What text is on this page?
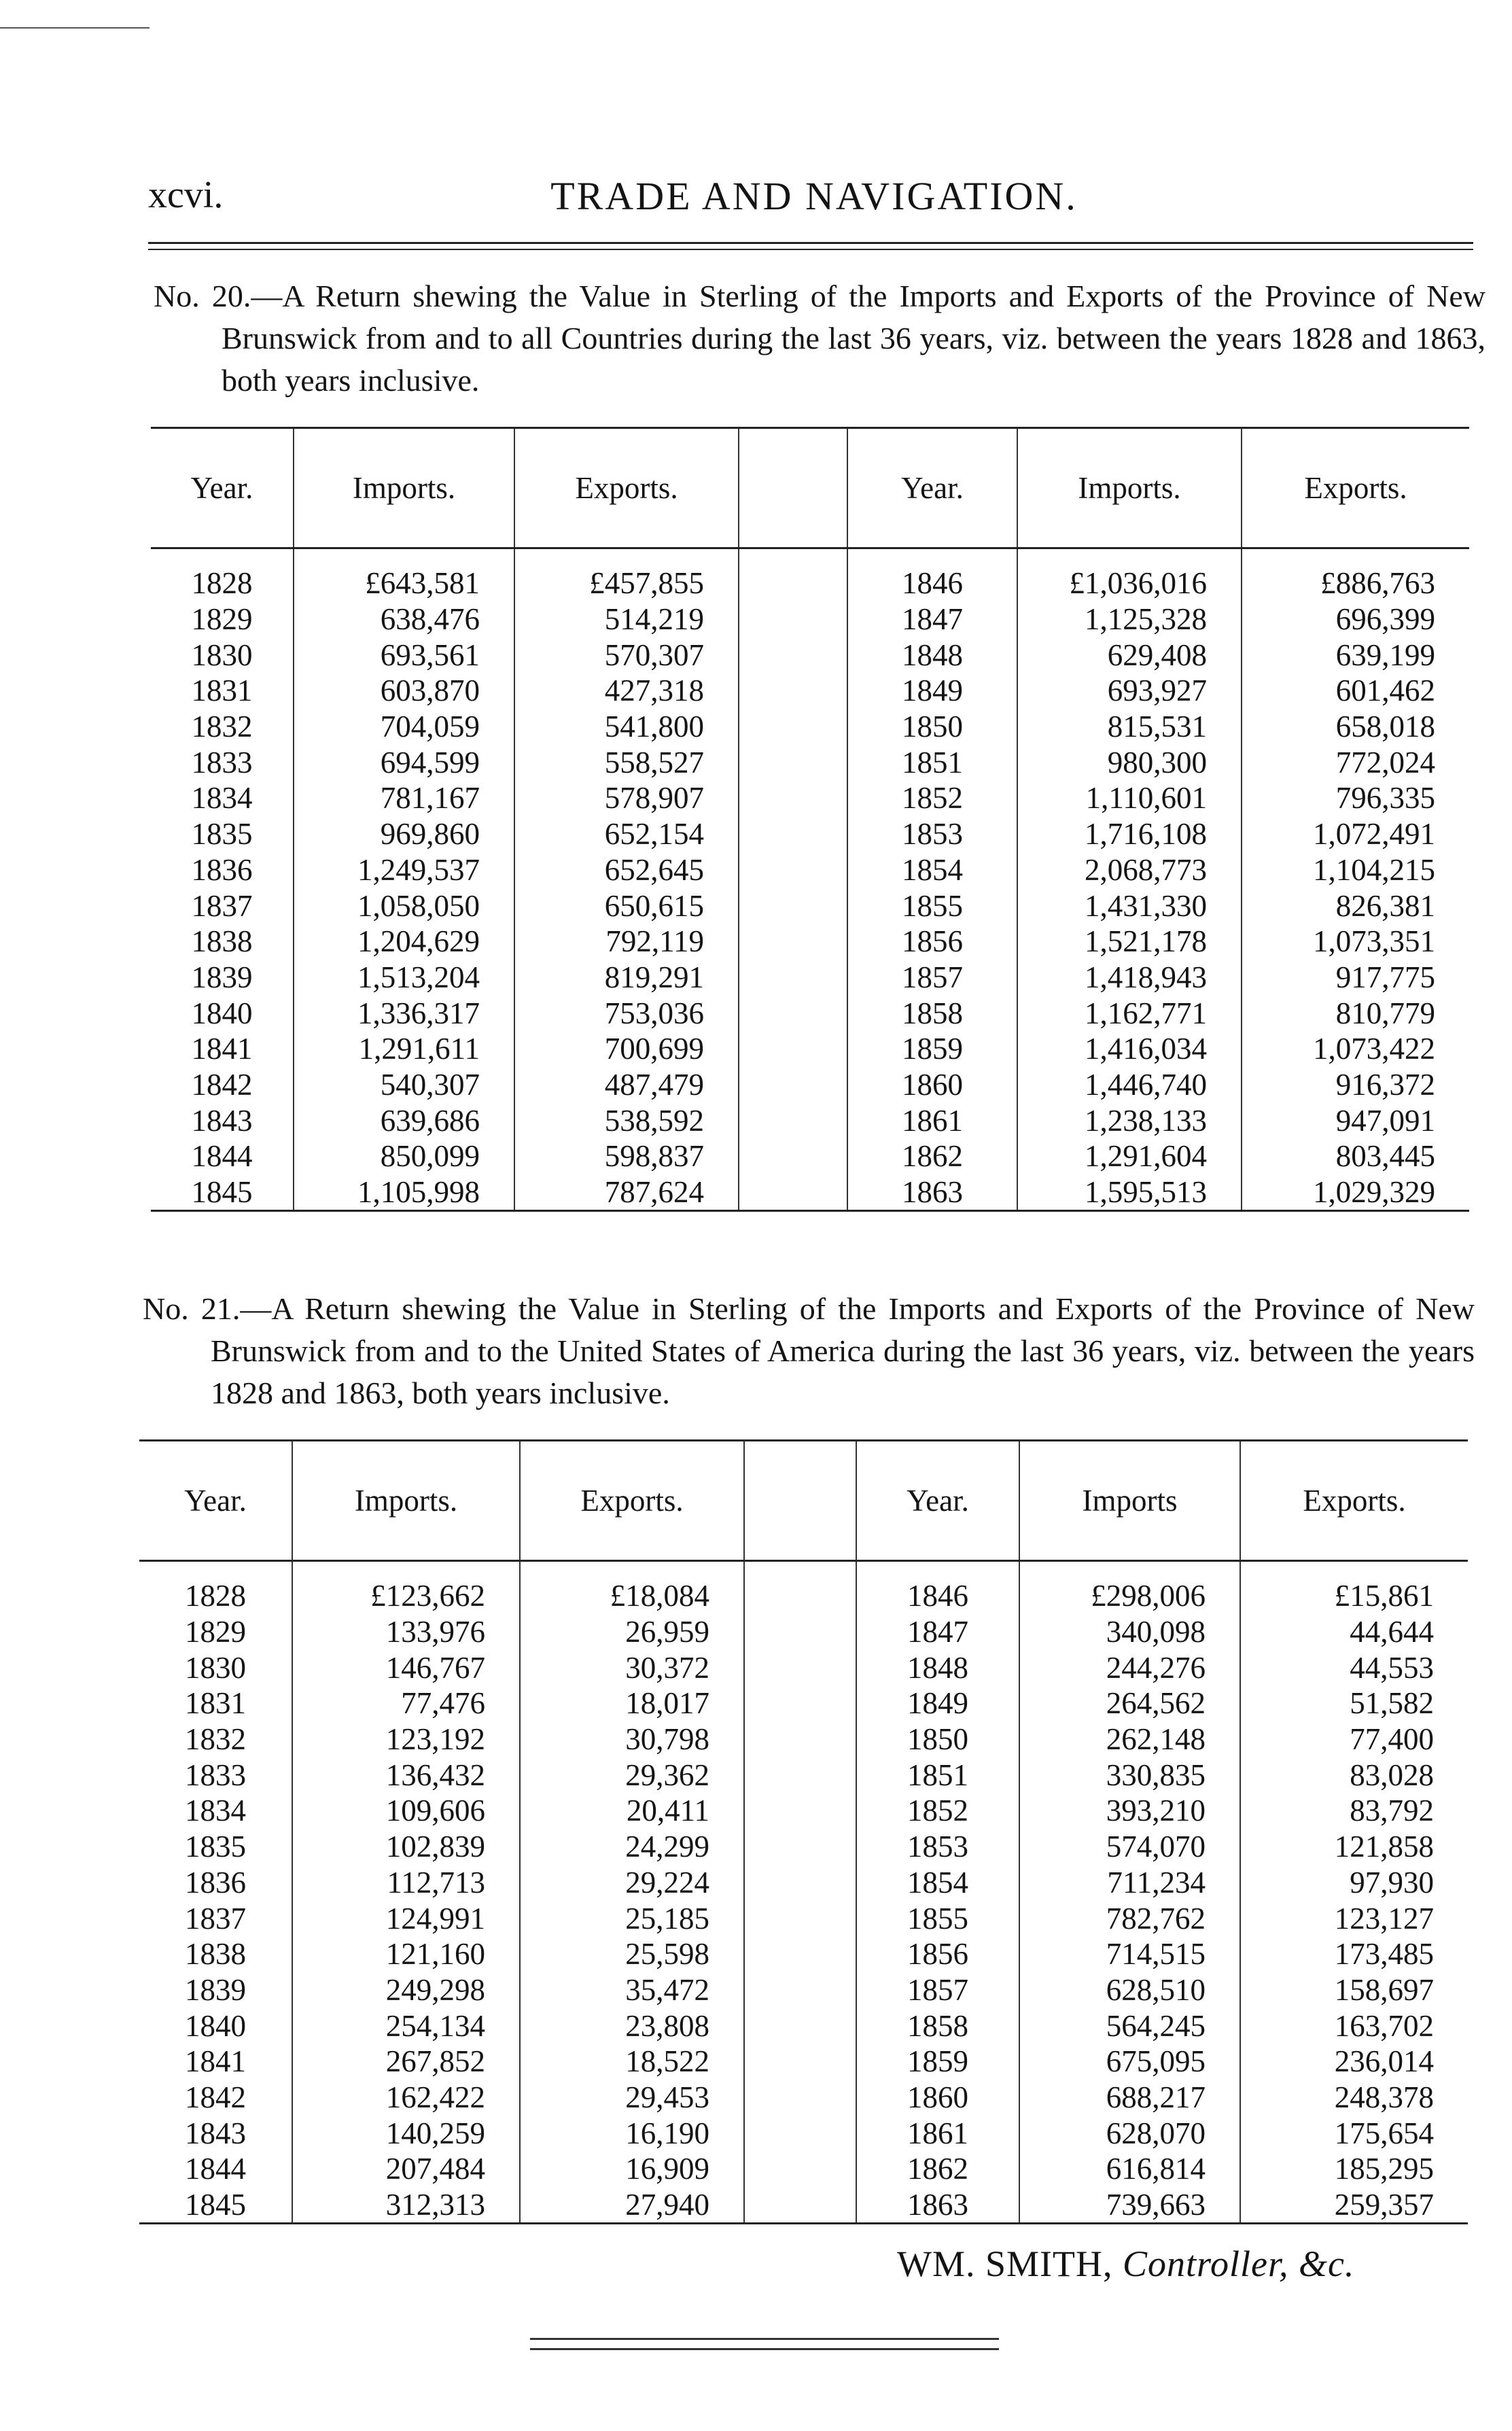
xcvi.	TRADE AND NAVIGATION.

No. 20.—A Return shewing the Value in Sterling of the Imports and Exports of the Province of New Brunswick from and to all Countries during the last 36 years, viz. between the years 1828 and 1863, both years inclusive.

Year.	Imports.	Exports.		Year.	Imports.	Exports.
1828	£643,581	£457,855		1846	£1,036,016	£886,763
1829	638,476	514,219		1847	1,125,328	696,399
1830	693,561	570,307		1848	629,408	639,199
1831	603,870	427,318		1849	693,927	601,462
1832	704,059	541,800		1850	815,531	658,018
1833	694,599	558,527		1851	980,300	772,024
1834	781,167	578,907		1852	1,110,601	796,335
1835	969,860	652,154		1853	1,716,108	1,072,491
1836	1,249,537	652,645		1854	2,068,773	1,104,215
1837	1,058,050	650,615		1855	1,431,330	826,381
1838	1,204,629	792,119		1856	1,521,178	1,073,351
1839	1,513,204	819,291		1857	1,418,943	917,775
1840	1,336,317	753,036		1858	1,162,771	810,779
1841	1,291,611	700,699		1859	1,416,034	1,073,422
1842	540,307	487,479		1860	1,446,740	916,372
1843	639,686	538,592		1861	1,238,133	947,091
1844	850,099	598,837		1862	1,291,604	803,445
1845	1,105,998	787,624		1863	1,595,513	1,029,329

No. 21.—A Return shewing the Value in Sterling of the Imports and Exports of the Province of New Brunswick from and to the United States of America during the last 36 years, viz. between the years 1828 and 1863, both years inclusive.

Year.	Imports.	Exports.		Year.	Imports	Exports.
1828	£123,662	£18,084		1846	£298,006	£15,861
1829	133,976	26,959		1847	340,098	44,644
1830	146,767	30,372		1848	244,276	44,553
1831	77,476	18,017		1849	264,562	51,582
1832	123,192	30,798		1850	262,148	77,400
1833	136,432	29,362		1851	330,835	83,028
1834	109,606	20,411		1852	393,210	83,792
1835	102,839	24,299		1853	574,070	121,858
1836	112,713	29,224		1854	711,234	97,930
1837	124,991	25,185		1855	782,762	123,127
1838	121,160	25,598		1856	714,515	173,485
1839	249,298	35,472		1857	628,510	158,697
1840	254,134	23,808		1858	564,245	163,702
1841	267,852	18,522		1859	675,095	236,014
1842	162,422	29,453		1860	688,217	248,378
1843	140,259	16,190		1861	628,070	175,654
1844	207,484	16,909		1862	616,814	185,295
1845	312,313	27,940		1863	739,663	259,357
WM. SMITH, Controller, &c.
